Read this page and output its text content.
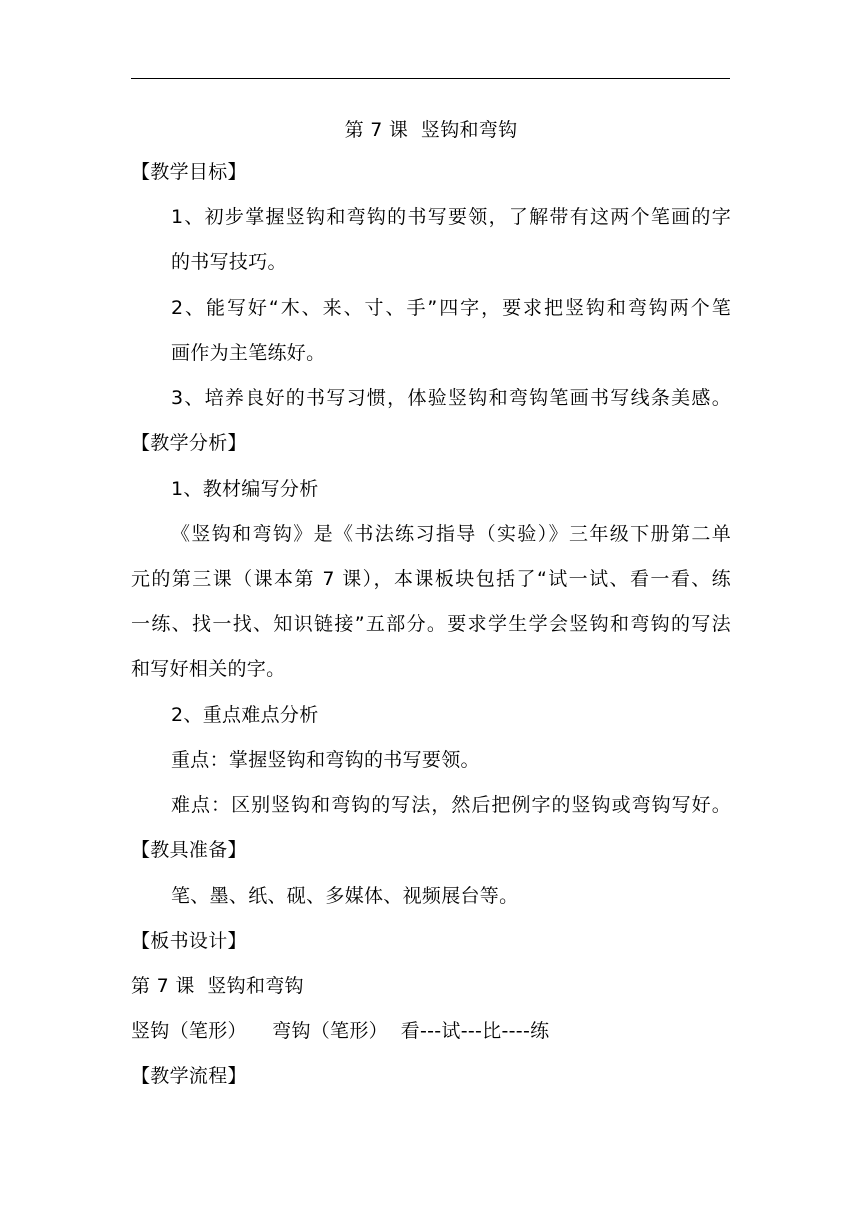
第 7 课  竖钩和弯钩
【教学目标】
1、初步掌握竖钩和弯钩的书写要领，了解带有这两个笔画的字
的书写技巧。
2、能写好“木、来、寸、手”四字，要求把竖钩和弯钩两个笔
画作为主笔练好。
3、培养良好的书写习惯，体验竖钩和弯钩笔画书写线条美感。
【教学分析】
1、教材编写分析
《竖钩和弯钩》是《书法练习指导（实验）》三年级下册第二单
元的第三课（课本第 7 课），本课板块包括了“试一试、看一看、练
一练、找一找、知识链接”五部分。要求学生学会竖钩和弯钩的写法
和写好相关的字。
2、重点难点分析
重点：掌握竖钩和弯钩的书写要领。
难点：区别竖钩和弯钩的写法，然后把例字的竖钩或弯钩写好。
【教具准备】
笔、墨、纸、砚、多媒体、视频展台等。
【板书设计】
第 7 课  竖钩和弯钩
竖钩（笔形）    弯钩（笔形）  看---试---比----练
【教学流程】
